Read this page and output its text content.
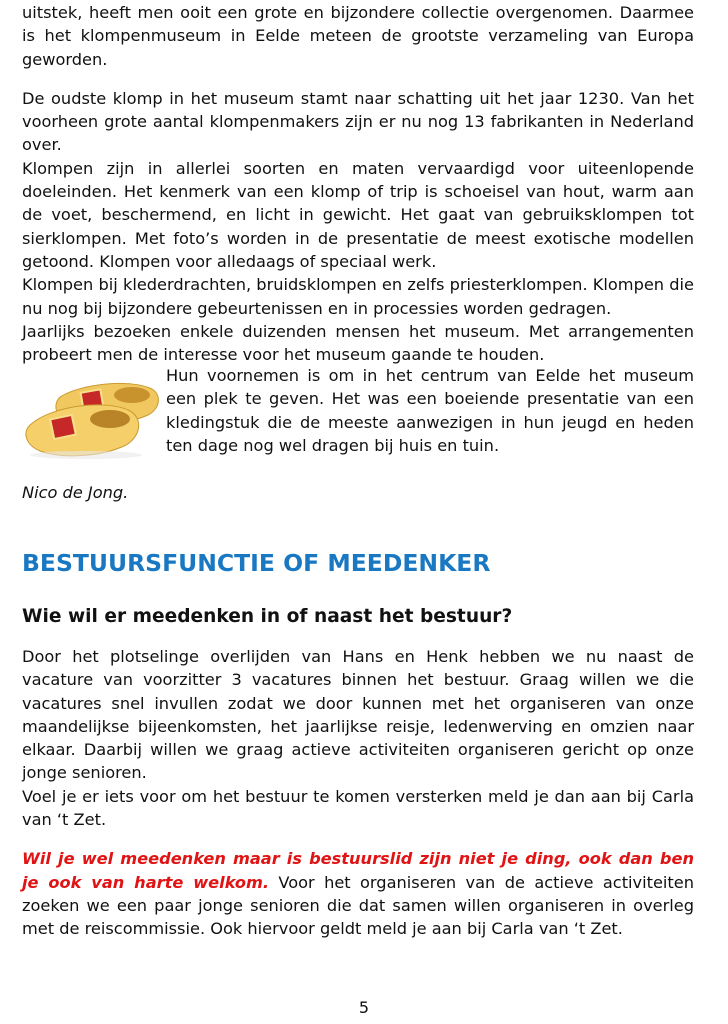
uitstek, heeft men ooit een grote en bijzondere collectie overgenomen. Daarmee is het klompenmuseum in Eelde meteen de grootste verzameling van Europa geworden.

De oudste klomp in het museum stamt naar schatting uit het jaar 1230. Van het voorheen grote aantal klompenmakers zijn er nu nog 13 fabrikanten in Nederland over.

Klompen zijn in allerlei soorten en maten vervaardigd voor uiteenlopende doeleinden. Het kenmerk van een klomp of trip is schoeisel van hout, warm aan de voet, beschermend, en licht in gewicht. Het gaat van gebruiksklompen tot sierklompen. Met foto’s worden in de presentatie de meest exotische modellen getoond. Klompen voor alledaags of speciaal werk.

Klompen bij klederdrachten, bruidsklompen en zelfs priesterklompen. Klompen die nu nog bij bijzondere gebeurtenissen en in processies worden gedragen.

Jaarlijks bezoeken enkele duizenden mensen het museum. Met arrangementen probeert men de interesse voor het museum gaande te houden.

Hun voornemen is om in het centrum van Eelde het museum een plek te geven. Het was een boeiende presentatie van een kledingstuk die de meeste aanwezigen in hun jeugd en heden ten dage nog wel dragen bij huis en tuin.

Nico de Jong.

BESTUURSFUNCTIE OF MEEDENKER
Wie wil er meedenken in of naast het bestuur?

Door het plotselinge overlijden van Hans en Henk hebben we nu naast de vacature van voorzitter 3 vacatures binnen het bestuur. Graag willen we die vacatures snel invullen zodat we door kunnen met het organiseren van onze maandelijkse bijeenkomsten, het jaarlijkse reisje, ledenwerving en omzien naar elkaar. Daarbij willen we graag actieve activiteiten organiseren gericht op onze jonge senioren.

Voel je er iets voor om het bestuur te komen versterken meld je dan aan bij Carla van ‘t Zet.

Wil je wel meedenken maar is bestuurslid zijn niet je ding, ook dan ben je ook van harte welkom. Voor het organiseren van de actieve activiteiten zoeken we een paar jonge senioren die dat samen willen organiseren in overleg met de reiscommissie. Ook hiervoor geldt meld je aan bij Carla van ‘t Zet.

5
